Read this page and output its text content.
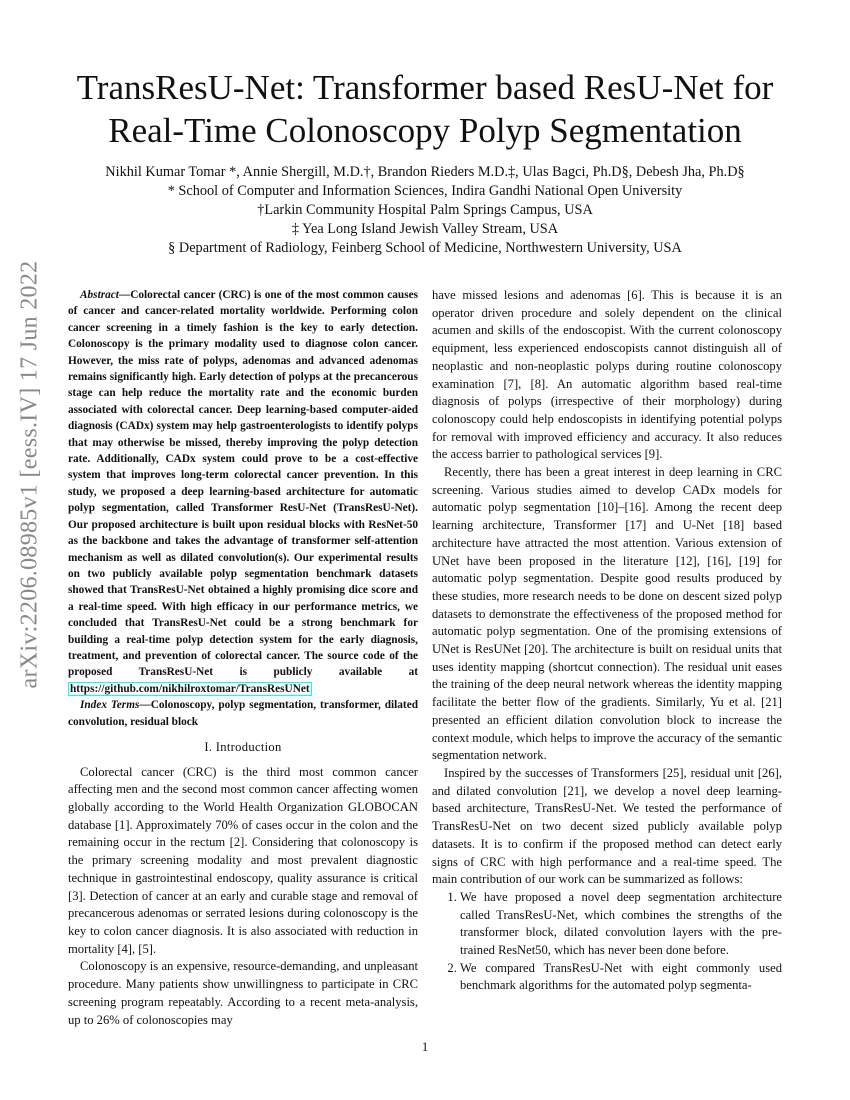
arXiv:2206.08985v1 [eess.IV] 17 Jun 2022
TransResU-Net: Transformer based ResU-Net for
Real-Time Colonoscopy Polyp Segmentation
Nikhil Kumar Tomar *, Annie Shergill, M.D.†, Brandon Rieders M.D.‡, Ulas Bagci, Ph.D§, Debesh Jha, Ph.D§
* School of Computer and Information Sciences, Indira Gandhi National Open University
†Larkin Community Hospital Palm Springs Campus, USA
‡ Yea Long Island Jewish Valley Stream, USA
§ Department of Radiology, Feinberg School of Medicine, Northwestern University, USA

Abstract—Colorectal cancer (CRC) is one of the most common causes of cancer and cancer-related mortality worldwide. Performing colon cancer screening in a timely fashion is the key to early detection. Colonoscopy is the primary modality used to diagnose colon cancer. However, the miss rate of polyps, adenomas and advanced adenomas remains significantly high. Early detection of polyps at the precancerous stage can help reduce the mortality rate and the economic burden associated with colorectal cancer. Deep learning-based computer-aided diagnosis (CADx) system may help gastroenterologists to identify polyps that may otherwise be missed, thereby improving the polyp detection rate. Additionally, CADx system could prove to be a cost-effective system that improves long-term colorectal cancer prevention. In this study, we proposed a deep learning-based architecture for automatic polyp segmentation, called Transformer ResU-Net (TransResU-Net). Our proposed architecture is built upon residual blocks with ResNet-50 as the backbone and takes the advantage of transformer self-attention mechanism as well as dilated convolution(s). Our experimental results on two publicly available polyp segmentation benchmark datasets showed that TransResU-Net obtained a highly promising dice score and a real-time speed. With high efficacy in our performance metrics, we concluded that TransResU-Net could be a strong benchmark for building a real-time polyp detection system for the early diagnosis, treatment, and prevention of colorectal cancer. The source code of the proposed TransResU-Net is publicly available at https://github.com/nikhilroxtomar/TransResUNet

Index Terms—Colonoscopy, polyp segmentation, transformer, dilated convolution, residual block

I. Introduction

Colorectal cancer (CRC) is the third most common cancer affecting men and the second most common cancer affecting women globally according to the World Health Organization GLOBOCAN database [1]. Approximately 70% of cases occur in the colon and the remaining occur in the rectum [2]. Considering that colonoscopy is the primary screening modality and most prevalent diagnostic technique in gastrointestinal endoscopy, quality assurance is critical [3]. Detection of cancer at an early and curable stage and removal of precancerous adenomas or serrated lesions during colonoscopy is the key to colon cancer diagnosis. It is also associated with reduction in mortality [4], [5].

Colonoscopy is an expensive, resource-demanding, and unpleasant procedure. Many patients show unwillingness to participate in CRC screening program repeatably. According to a recent meta-analysis, up to 26% of colonoscopies may

have missed lesions and adenomas [6]. This is because it is an operator driven procedure and solely dependent on the clinical acumen and skills of the endoscopist. With the current colonoscopy equipment, less experienced endoscopists cannot distinguish all of neoplastic and non-neoplastic polyps during routine colonoscopy examination [7], [8]. An automatic algorithm based real-time diagnosis of polyps (irrespective of their morphology) during colonoscopy could help endoscopists in identifying potential polyps for removal with improved efficiency and accuracy. It also reduces the access barrier to pathological services [9].

Recently, there has been a great interest in deep learning in CRC screening. Various studies aimed to develop CADx models for automatic polyp segmentation [10]–[16]. Among the recent deep learning architecture, Transformer [17] and U-Net [18] based architecture have attracted the most attention. Various extension of UNet have been proposed in the literature [12], [16], [19] for automatic polyp segmentation. Despite good results produced by these studies, more research needs to be done on descent sized polyp datasets to demonstrate the effectiveness of the proposed method for automatic polyp segmentation. One of the promising extensions of UNet is ResUNet [20]. The architecture is built on residual units that uses identity mapping (shortcut connection). The residual unit eases the training of the deep neural network whereas the identity mapping facilitate the better flow of the gradients. Similarly, Yu et al. [21] presented an efficient dilation convolution block to increase the context module, which helps to improve the accuracy of the semantic segmentation network.

Inspired by the successes of Transformers [25], residual unit [26], and dilated convolution [21], we develop a novel deep learning-based architecture, TransResU-Net. We tested the performance of TransResU-Net on two decent sized publicly available polyp datasets. It is to confirm if the proposed method can detect early signs of CRC with high performance and a real-time speed. The main contribution of our work can be summarized as follows:

1. We have proposed a novel deep segmentation architecture called TransResU-Net, which combines the strengths of the transformer block, dilated convolution layers with the pre-trained ResNet50, which has never been done before.
2. We compared TransResU-Net with eight commonly used benchmark algorithms for the automated polyp segmenta-
1
